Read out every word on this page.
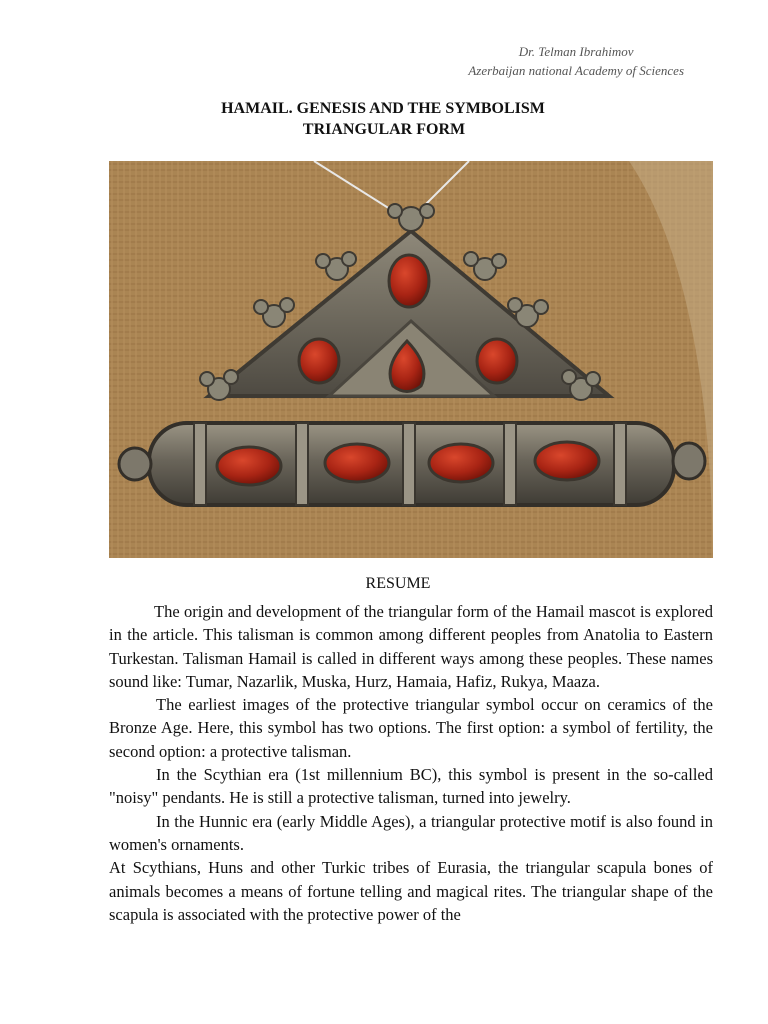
Dr. Telman Ibrahimov
Azerbaijan national Academy of Sciences
HAMAIL. GENESIS AND THE SYMBOLISM
TRIANGULAR FORM
RESUME

The origin and development of the triangular form of the Hamail mascot is explored in the article. This talisman is common among different peoples from Anatolia to Eastern Turkestan. Talisman Hamail is called in different ways among these peoples. These names sound like: Tumar, Nazarlik, Muska, Hurz, Hamaia, Hafiz, Rukya, Maaza.

The earliest images of the protective triangular symbol occur on ceramics of the Bronze Age. Here, this symbol has two options. The first option: a symbol of fertility, the second option: a protective talisman.

In the Scythian era (1st millennium BC), this symbol is present in the so-called "noisy" pendants. He is still a protective talisman, turned into jewelry.

In the Hunnic era (early Middle Ages), a triangular protective motif is also found in women's ornaments.

At Scythians, Huns and other Turkic tribes of Eurasia, the triangular scapula bones of animals becomes a means of fortune telling and magical rites. The triangular shape of the scapula is associated with the protective power of the
